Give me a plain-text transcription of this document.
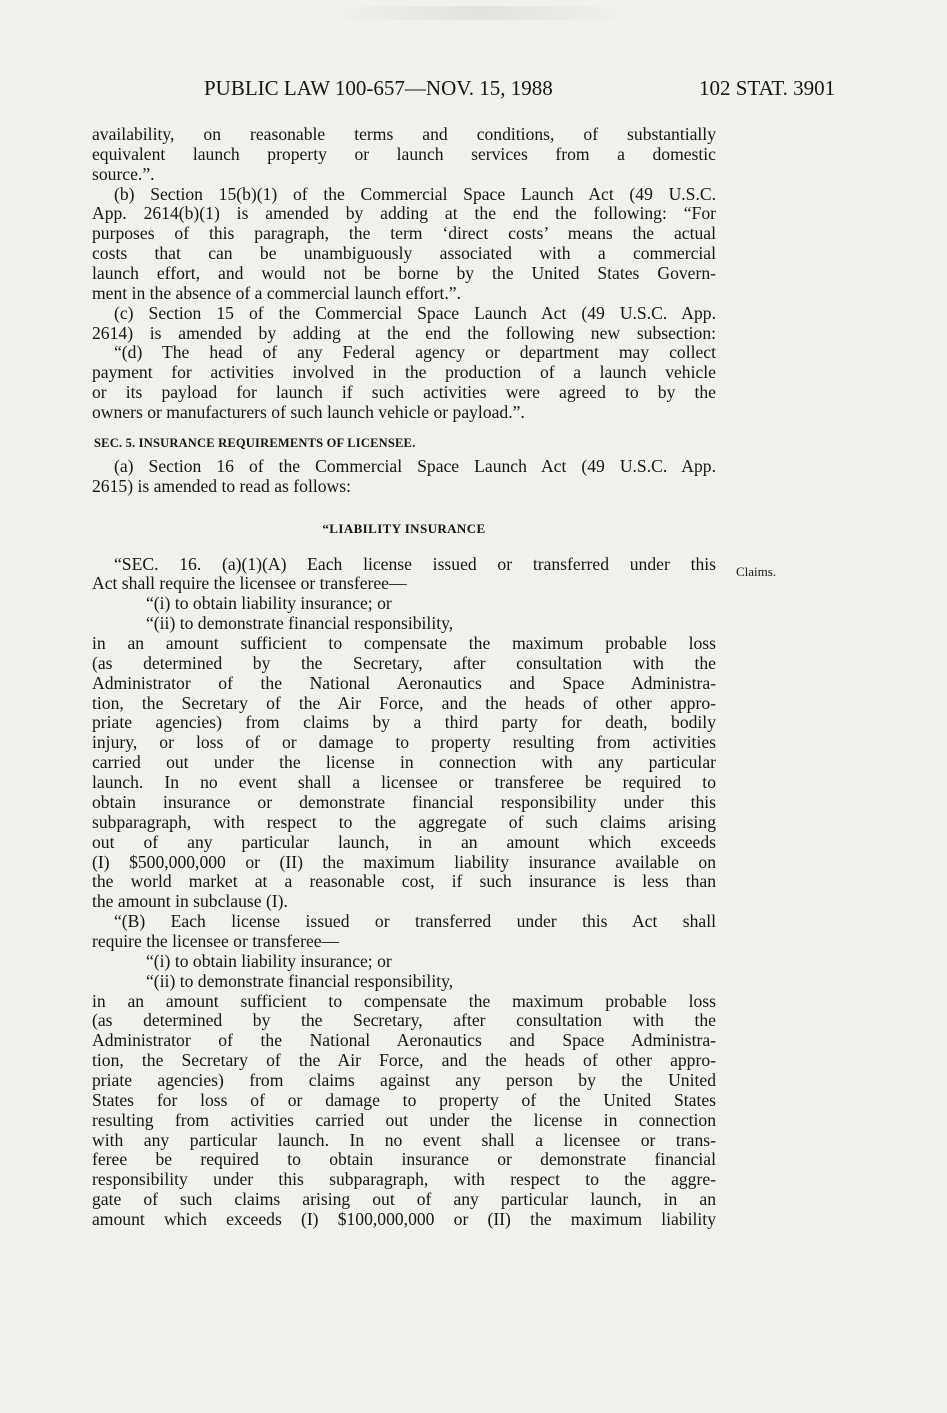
PUBLIC LAW 100-657—NOV. 15, 1988	102 STAT. 3901
Claims.
availability, on reasonable terms and conditions, of substantially
equivalent launch property or launch services from a domestic
source.”.
(b) Section 15(b)(1) of the Commercial Space Launch Act (49 U.S.C.
App. 2614(b)(1) is amended by adding at the end the following: “For
purposes of this paragraph, the term ‘direct costs’ means the actual
costs that can be unambiguously associated with a commercial
launch effort, and would not be borne by the United States Govern-
ment in the absence of a commercial launch effort.”.
(c) Section 15 of the Commercial Space Launch Act (49 U.S.C. App.
2614) is amended by adding at the end the following new subsection:
“(d) The head of any Federal agency or department may collect
payment for activities involved in the production of a launch vehicle
or its payload for launch if such activities were agreed to by the
owners or manufacturers of such launch vehicle or payload.”.
SEC. 5. INSURANCE REQUIREMENTS OF LICENSEE.
(a) Section 16 of the Commercial Space Launch Act (49 U.S.C. App.
2615) is amended to read as follows:
“LIABILITY INSURANCE
“SEC. 16. (a)(1)(A) Each license issued or transferred under this
Act shall require the licensee or transferee—
“(i) to obtain liability insurance; or
“(ii) to demonstrate financial responsibility,
in an amount sufficient to compensate the maximum probable loss
(as determined by the Secretary, after consultation with the
Administrator of the National Aeronautics and Space Administra-
tion, the Secretary of the Air Force, and the heads of other appro-
priate agencies) from claims by a third party for death, bodily
injury, or loss of or damage to property resulting from activities
carried out under the license in connection with any particular
launch. In no event shall a licensee or transferee be required to
obtain insurance or demonstrate financial responsibility under this
subparagraph, with respect to the aggregate of such claims arising
out of any particular launch, in an amount which exceeds
(I) $500,000,000 or (II) the maximum liability insurance available on
the world market at a reasonable cost, if such insurance is less than
the amount in subclause (I).
“(B) Each license issued or transferred under this Act shall
require the licensee or transferee—
“(i) to obtain liability insurance; or
“(ii) to demonstrate financial responsibility,
in an amount sufficient to compensate the maximum probable loss
(as determined by the Secretary, after consultation with the
Administrator of the National Aeronautics and Space Administra-
tion, the Secretary of the Air Force, and the heads of other appro-
priate agencies) from claims against any person by the United
States for loss of or damage to property of the United States
resulting from activities carried out under the license in connection
with any particular launch. In no event shall a licensee or trans-
feree be required to obtain insurance or demonstrate financial
responsibility under this subparagraph, with respect to the aggre-
gate of such claims arising out of any particular launch, in an
amount which exceeds (I) $100,000,000 or (II) the maximum liability
